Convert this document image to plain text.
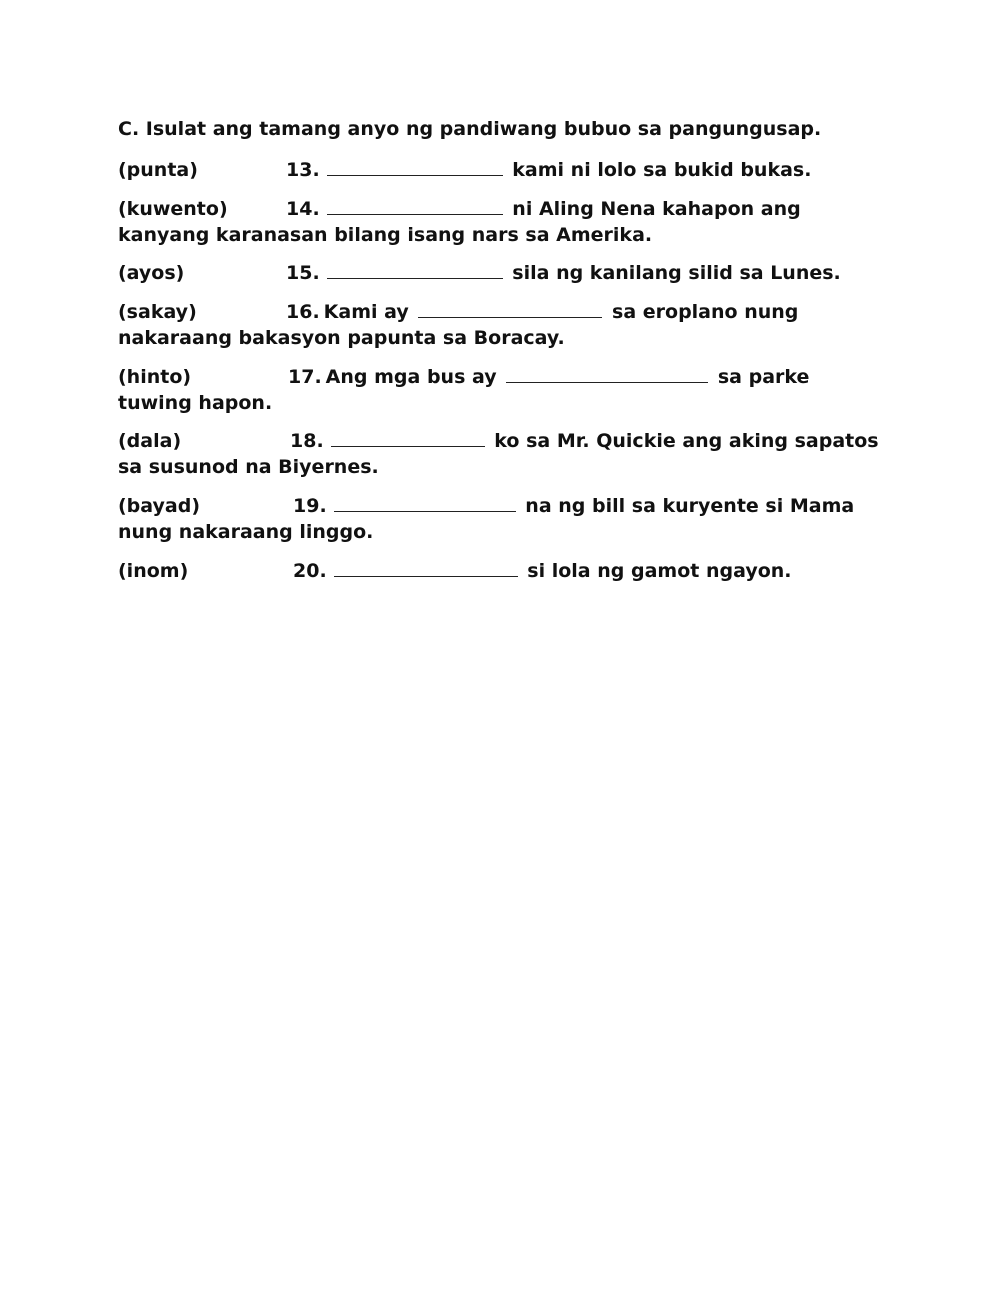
C. Isulat ang tamang anyo ng pandiwang bubuo sa pangungusap.

(punta)	13.	kami ni lolo sa bukid bukas.
(kuwento)	14.	ni Aling Nena kahapon ang kanyang karanasan bilang isang nars sa Amerika.
(ayos)	15.	sila ng kanilang silid sa Lunes.
(sakay)	16. Kami ay	sa eroplano nung nakaraang bakasyon papunta sa Boracay.
(hinto)	17. Ang mga bus ay	sa parke tuwing hapon.
(dala)	18.	ko sa Mr. Quickie ang aking sapatos sa susunod na Biyernes.
(bayad)	19.	na ng bill sa kuryente si Mama nung nakaraang linggo.
(inom)	20.	si lola ng gamot ngayon.
